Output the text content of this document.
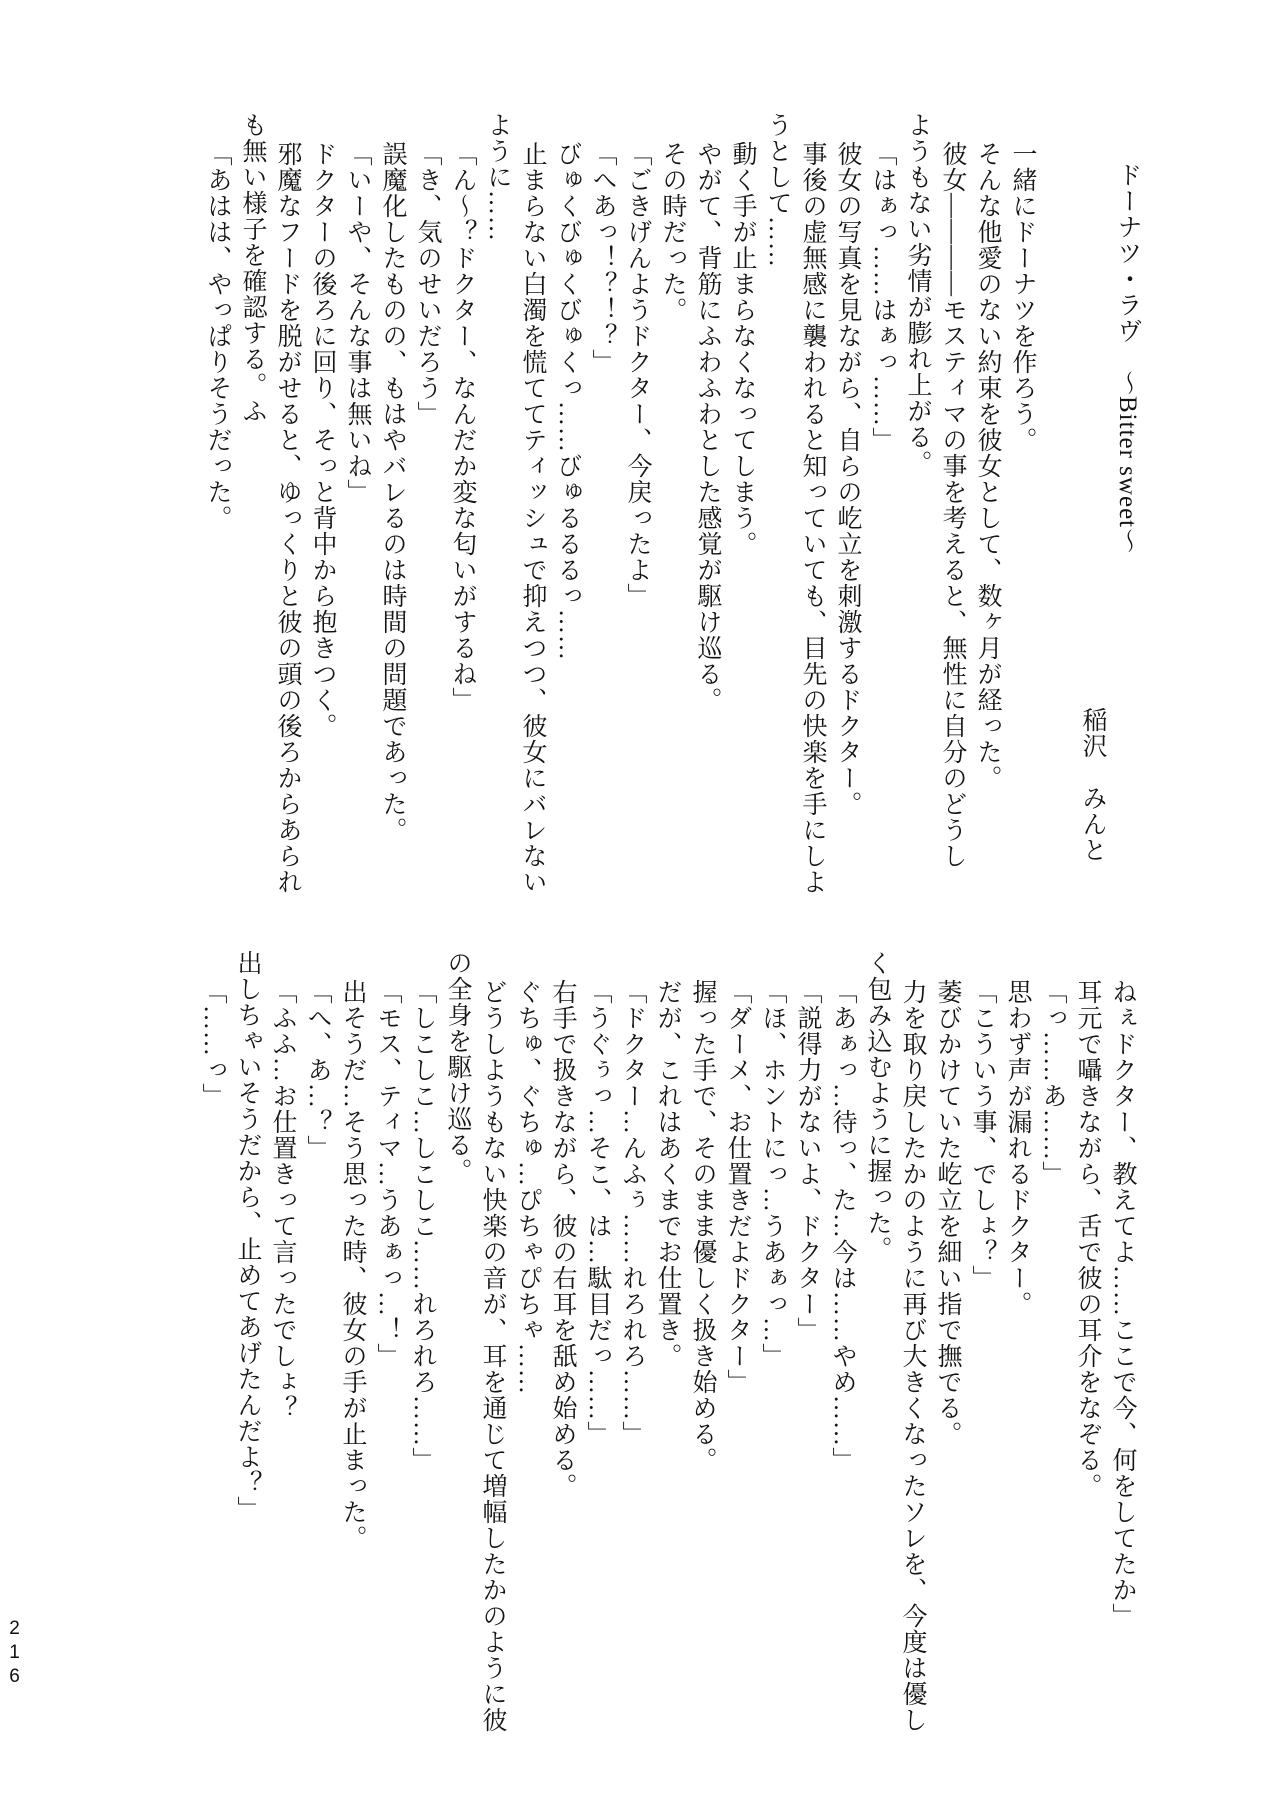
ドーナツ・ラヴ　～Bitter sweet～
稲沢　みんと
一緒にドーナツを作ろう。
そんな他愛のない約束を彼女として、数ヶ月が経った。
彼女――――モスティマの事を考えると、無性に自分のどうし
ようもない劣情が膨れ上がる。
「はぁっ……はぁっ……」
彼女の写真を見ながら、自らの屹立を刺激するドクター。
事後の虚無感に襲われると知っていても、目先の快楽を手にしよ
うとして……
動く手が止まらなくなってしまう。
やがて、背筋にふわふわとした感覚が駆け巡る。
その時だった。
「ごきげんようドクター、今戻ったよ」
「へあっ！？！？」
びゅくびゅくびゅくっ……びゅるるるっ……
止まらない白濁を慌ててティッシュで抑えつつ、彼女にバレない
ように……
「ん〜？ドクター、なんだか変な匂いがするね」
「き、気のせいだろう」
誤魔化したものの、もはやバレるのは時間の問題であった。
「いーや、そんな事は無いね」
ドクターの後ろに回り、そっと背中から抱きつく。
邪魔なフードを脱がせると、ゆっくりと彼の頭の後ろからあられ
も無い様子を確認する。ふ
「あはは、やっぱりそうだった。
ねぇドクター、教えてよ……ここで今、何をしてたか」
耳元で囁きながら、舌で彼の耳介をなぞる。
「っ……あ……」
思わず声が漏れるドクター。
「こういう事、でしょ？」
萎びかけていた屹立を細い指で撫でる。
力を取り戻したかのように再び大きくなったソレを、今度は優し
く包み込むように握った。
「あぁっ…待っ、た…今は……やめ……」
「説得力がないよ、ドクター」
「ほ、ホントにっ…うあぁっ…」
「ダーメ、お仕置きだよドクター」
握った手で、そのまま優しく扱き始める。
だが、これはあくまでお仕置き。
「ドクター…んふぅ……れろれろ……」
「うぐぅっ…そこ、は…駄目だっ……」
右手で扱きながら、彼の右耳を舐め始める。
ぐちゅ、ぐちゅ…ぴちゃぴちゃ……
どうしようもない快楽の音が、耳を通じて増幅したかのように彼
の全身を駆け巡る。
「しこしこ…しこしこ……れろれろ……」
「モス、ティマ…うあぁっ…！」
出そうだ…そう思った時、彼女の手が止まった。
「へ、あ…？」
「ふふ…お仕置きって言ったでしょ？
出しちゃいそうだから、止めてあげたんだよ？」
「……っ」
216
